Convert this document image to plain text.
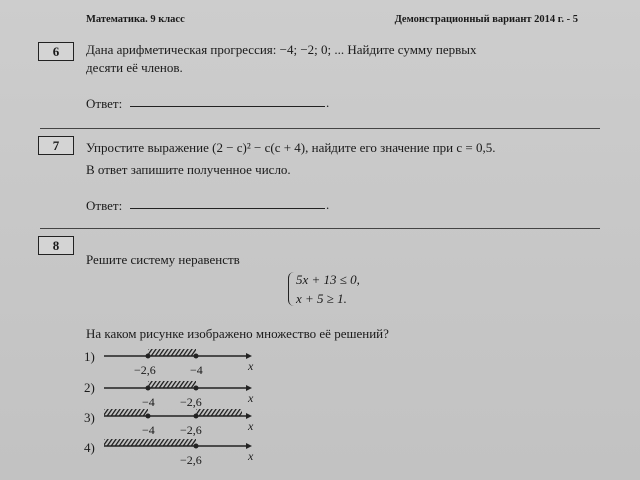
Математика. 9 класс	Демонстрационный вариант 2014 г. - 5
6	Дана арифметическая прогрессия: −4; −2; 0; ... Найдите сумму первых
десяти её членов.
Ответ:	.
7	Упростите выражение (2 − c)² − c(c + 4), найдите его значение при c = 0,5.
В ответ запишите полученное число.
Ответ:	.
8
Решите систему неравенств
5x + 13 ≤ 0,
x + 5 ≥ 1.
На каком рисунке изображено множество её решений?
1)
−2,6	−4	x
2)
−4 −2,6	x
3)
−4 −2,6	x
4)
−2,6	x
